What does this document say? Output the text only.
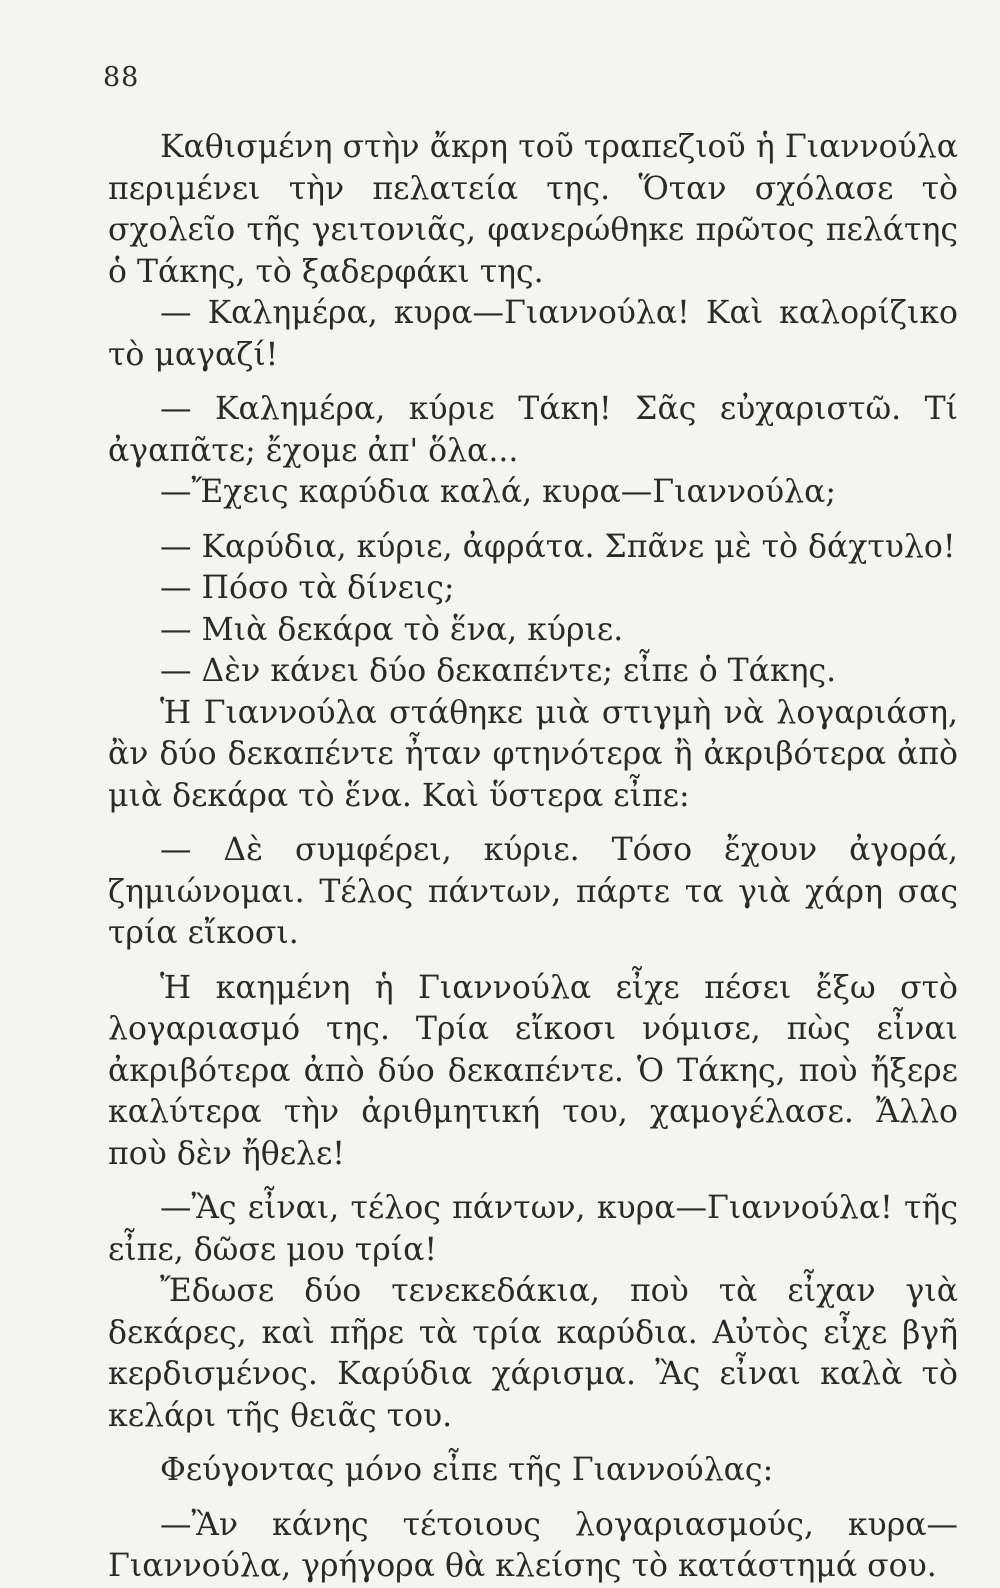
88

Καθισμένη στὴν ἄκρη τοῦ τραπεζιοῦ ἡ Γιαννούλα περιμένει τὴν πελατεία της. Ὅταν σχόλασε τὸ σχολεῖο τῆς γειτονιᾶς, φανερώθηκε πρῶτος πελάτης ὁ Τάκης, τὸ ξαδερφάκι της.

— Καλημέρα, κυρα—Γιαννούλα! Καὶ καλορίζικο τὸ μαγαζί!

— Καλημέρα, κύριε Τάκη! Σᾶς εὐχαριστῶ. Τί ἀγαπᾶτε; ἔχομε ἀπ' ὅλα...

—Ἔχεις καρύδια καλά, κυρα—Γιαννούλα;

— Καρύδια, κύριε, ἀφράτα. Σπᾶνε μὲ τὸ δάχτυλο!

— Πόσο τὰ δίνεις;

— Μιὰ δεκάρα τὸ ἕνα, κύριε.

— Δὲν κάνει δύο δεκαπέντε; εἶπε ὁ Τάκης.

Ἡ Γιαννούλα στάθηκε μιὰ στιγμὴ νὰ λογαριάση, ἂν δύο δεκαπέντε ἦταν φτηνότερα ἢ ἀκριβότερα ἀπὸ μιὰ δεκάρα τὸ ἕνα. Καὶ ὕστερα εἶπε:

— Δὲ συμφέρει, κύριε. Τόσο ἔχουν ἀγορά, ζημιώνομαι. Τέλος πάντων, πάρτε τα γιὰ χάρη σας τρία εἴκοσι.

Ἡ καημένη ἡ Γιαννούλα εἶχε πέσει ἔξω στὸ λογαριασμό της. Τρία εἴκοσι νόμισε, πὼς εἶναι ἀκριβότερα ἀπὸ δύο δεκαπέντε. Ὁ Τάκης, ποὺ ἤξερε καλύτερα τὴν ἀριθμητική του, χαμογέλασε. Ἄλλο ποὺ δὲν ἤθελε!

—Ἂς εἶναι, τέλος πάντων, κυρα—Γιαννούλα! τῆς εἶπε, δῶσε μου τρία!

Ἔδωσε δύο τενεκεδάκια, ποὺ τὰ εἶχαν γιὰ δεκάρες, καὶ πῆρε τὰ τρία καρύδια. Αὐτὸς εἶχε βγῆ κερδισμένος. Καρύδια χάρισμα. Ἂς εἶναι καλὰ τὸ κελάρι τῆς θειᾶς του.

Φεύγοντας μόνο εἶπε τῆς Γιαννούλας:

—Ἂν κάνης τέτοιους λογαριασμούς, κυρα—Γιαννούλα, γρήγορα θὰ κλείσης τὸ κατάστημά σου.
